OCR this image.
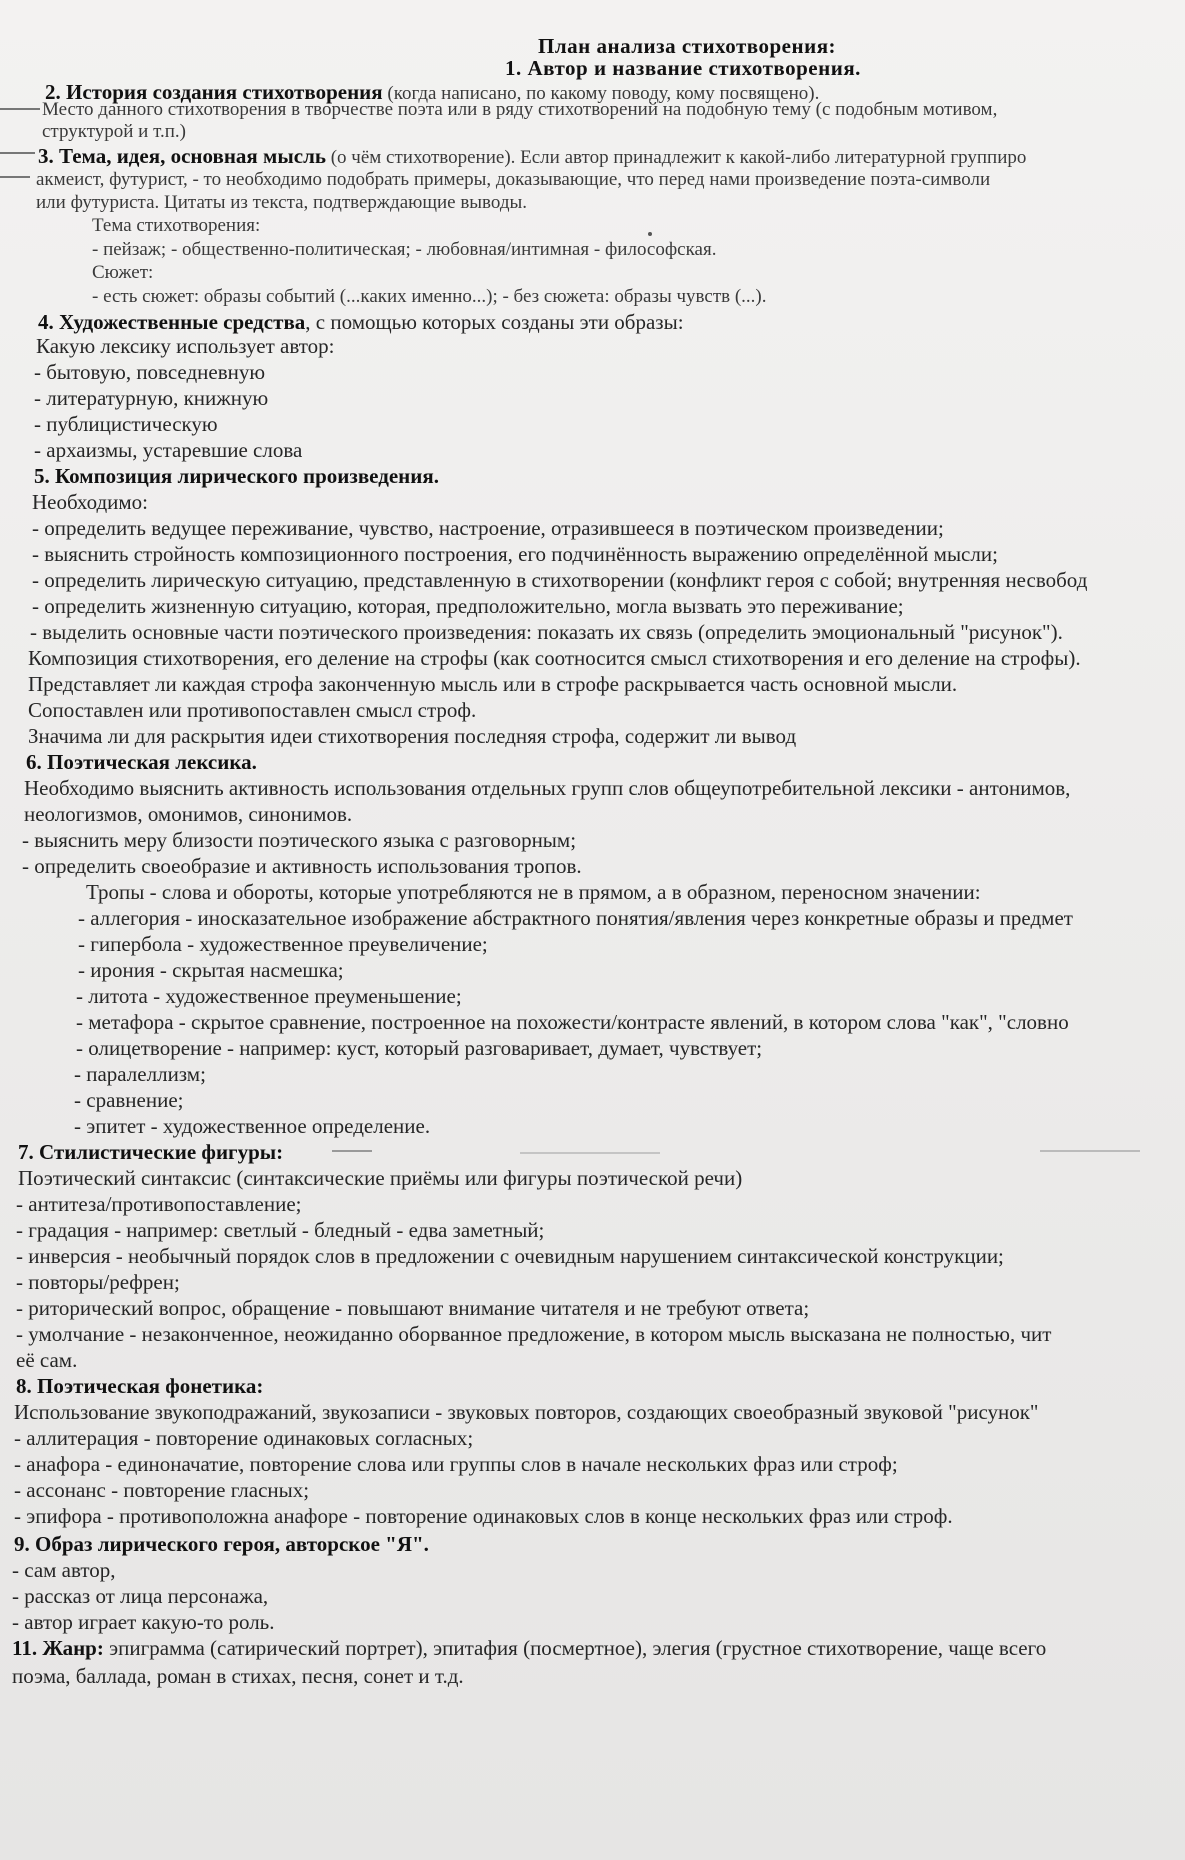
План анализа стихотворения:
1. Автор и название стихотворения.
2. История создания стихотворения (когда написано, по какому поводу, кому посвящено).
Место данного стихотворения в творчестве поэта или в ряду стихотворений на подобную тему (с подобным мотивом,
структурой и т.п.)
3. Тема, идея, основная мысль (о чём стихотворение). Если автор принадлежит к какой-либо литературной группиро
акмеист, футурист, - то необходимо подобрать примеры, доказывающие, что перед нами произведение поэта-символи
или футуриста. Цитаты из текста, подтверждающие выводы.
Тема стихотворения:
- пейзаж; - общественно-политическая; - любовная/интимная - философская.
Сюжет:
- есть сюжет: образы событий (...каких именно...); - без сюжета: образы чувств (...).
4. Художественные средства, с помощью которых созданы эти образы:
Какую лексику использует автор:
- бытовую, повседневную
- литературную, книжную
- публицистическую
- архаизмы, устаревшие слова
5. Композиция лирического произведения.
Необходимо:
- определить ведущее переживание, чувство, настроение, отразившееся в поэтическом произведении;
- выяснить стройность композиционного построения, его подчинённость выражению определённой мысли;
- определить лирическую ситуацию, представленную в стихотворении (конфликт героя с собой; внутренняя несвобод
- определить жизненную ситуацию, которая, предположительно, могла вызвать это переживание;
- выделить основные части поэтического произведения: показать их связь (определить эмоциональный "рисунок").
Композиция стихотворения, его деление на строфы (как соотносится смысл стихотворения и его деление на строфы).
Представляет ли каждая строфа законченную мысль или в строфе раскрывается часть основной мысли.
Сопоставлен или противопоставлен смысл строф.
Значима ли для раскрытия идеи стихотворения последняя строфа, содержит ли вывод
6. Поэтическая лексика.
Необходимо выяснить активность использования отдельных групп слов общеупотребительной лексики - антонимов,
неологизмов, омонимов, синонимов.
- выяснить меру близости поэтического языка с разговорным;
- определить своеобразие и активность использования тропов.
Тропы - слова и обороты, которые употребляются не в прямом, а в образном, переносном значении:
- аллегория - иносказательное изображение абстрактного понятия/явления через конкретные образы и предмет
- гипербола - художественное преувеличение;
- ирония - скрытая насмешка;
- литота - художественное преуменьшение;
- метафора - скрытое сравнение, построенное на похожести/контрасте явлений, в котором слова "как", "словно
- олицетворение - например: куст, который разговаривает, думает, чувствует;
- паралеллизм;
- сравнение;
- эпитет - художественное определение.
7. Стилистические фигуры:
Поэтический синтаксис (синтаксические приёмы или фигуры поэтической речи)
- антитеза/противопоставление;
- градация - например: светлый - бледный - едва заметный;
- инверсия - необычный порядок слов в предложении с очевидным нарушением синтаксической конструкции;
- повторы/рефрен;
- риторический вопрос, обращение - повышают внимание читателя и не требуют ответа;
- умолчание - незаконченное, неожиданно оборванное предложение, в котором мысль высказана не полностью, чит
её сам.
8. Поэтическая фонетика:
Использование звукоподражаний, звукозаписи - звуковых повторов, создающих своеобразный звуковой "рисунок"
- аллитерация - повторение одинаковых согласных;
- анафора - единоначатие, повторение слова или группы слов в начале нескольких фраз или строф;
- ассонанс - повторение гласных;
- эпифора - противоположна анафоре - повторение одинаковых слов в конце нескольких фраз или строф.
9. Образ лирического героя, авторское "Я".
- сам автор,
- рассказ от лица персонажа,
- автор играет какую-то роль.
11. Жанр: эпиграмма (сатирический портрет), эпитафия (посмертное), элегия (грустное стихотворение, чаще всего
поэма, баллада, роман в стихах, песня, сонет и т.д.
